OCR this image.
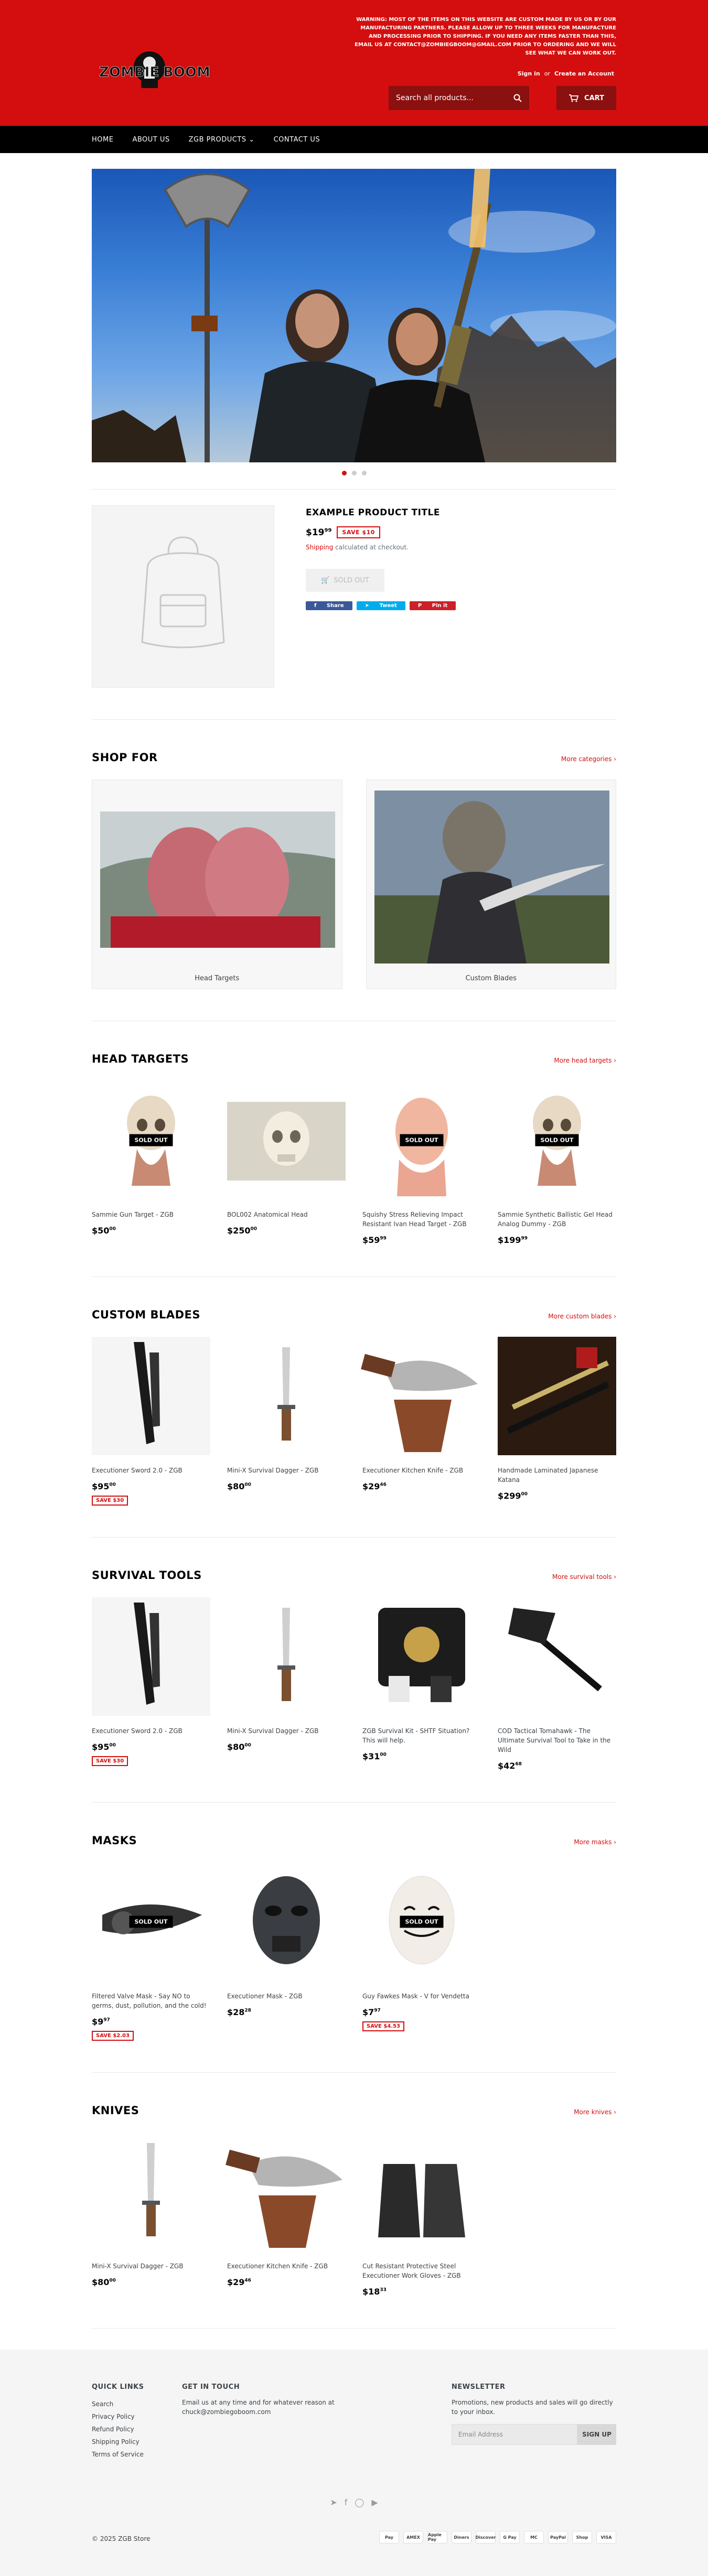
ZOMBIE BOOM
WARNING: MOST OF THE ITEMS ON THIS WEBSITE ARE CUSTOM MADE BY US OR BY OUR MANUFACTURING PARTNERS. PLEASE ALLOW UP TO THREE WEEKS FOR MANUFACTURE AND PROCESSING PRIOR TO SHIPPING. IF YOU NEED ANY ITEMS FASTER THAN THIS, EMAIL US AT CONTACT@ZOMBIEGBOOM@GMAIL.COM PRIOR TO ORDERING AND WE WILL SEE WHAT WE CAN WORK OUT.
Sign in or Create an Account
Search all products...	CART
HOME	ABOUT US	ZGB PRODUCTS ⌄	CONTACT US
EXAMPLE PRODUCT TITLE
$\$19^{99}$	SAVE $10
Shipping calculated at checkout.
🛒 SOLD OUT
f Share	➤ Tweet	P Pin it
SHOP FOR	More categories ›
Head Targets	Custom Blades
HEAD TARGETS	More head targets ›
SOLD OUT
Sammie Gun Target - ZGB
$\$50^{00}$
BOL002 Anatomical Head
$\$250^{00}$
SOLD OUT
Squishy Stress Relieving Impact Resistant Ivan Head Target - ZGB
$\$59^{99}$
SOLD OUT
Sammie Synthetic Ballistic Gel Head Analog Dummy - ZGB
$\$199^{99}$
CUSTOM BLADES	More custom blades ›
Executioner Sword 2.0 - ZGB
$\$95^{00}$
SAVE $30
Mini-X Survival Dagger - ZGB
$\$80^{00}$
Executioner Kitchen Knife - ZGB
$\$29^{46}$
Handmade Laminated Japanese Katana
$\$299^{00}$
SURVIVAL TOOLS	More survival tools ›
Executioner Sword 2.0 - ZGB
$\$95^{00}$
SAVE $30
Mini-X Survival Dagger - ZGB
$\$80^{00}$
ZGB Survival Kit - SHTF Situation? This will help.
$\$31^{00}$
COD Tactical Tomahawk - The Ultimate Survival Tool to Take in the Wild
$\$42^{68}$
MASKS	More masks ›
SOLD OUT
Filtered Valve Mask - Say NO to germs, dust, pollution, and the cold!
$\$9^{97}$
SAVE $2.03
Executioner Mask - ZGB
$\$28^{28}$
SOLD OUT
Guy Fawkes Mask - V for Vendetta
$\$7^{97}$
SAVE $4.53
KNIVES	More knives ›
Mini-X Survival Dagger - ZGB
$\$80^{00}$
Executioner Kitchen Knife - ZGB
$\$29^{46}$
Cut Resistant Protective Steel Executioner Work Gloves - ZGB
$\$18^{33}$
QUICK LINKS
Search
Privacy Policy
Refund Policy
Shipping Policy
Terms of Service
GET IN TOUCH
Email us at any time and for whatever reason at chuck@zombiegoboom.com
NEWSLETTER
Promotions, new products and sales will go directly to your inbox.
Email Address	SIGN UP
➤ f ◯ ▶
© 2025 ZGB Store	Pay	AMEX	Apple Pay	Diners	Discover	G Pay	MC	PayPal	Shop	VISA
